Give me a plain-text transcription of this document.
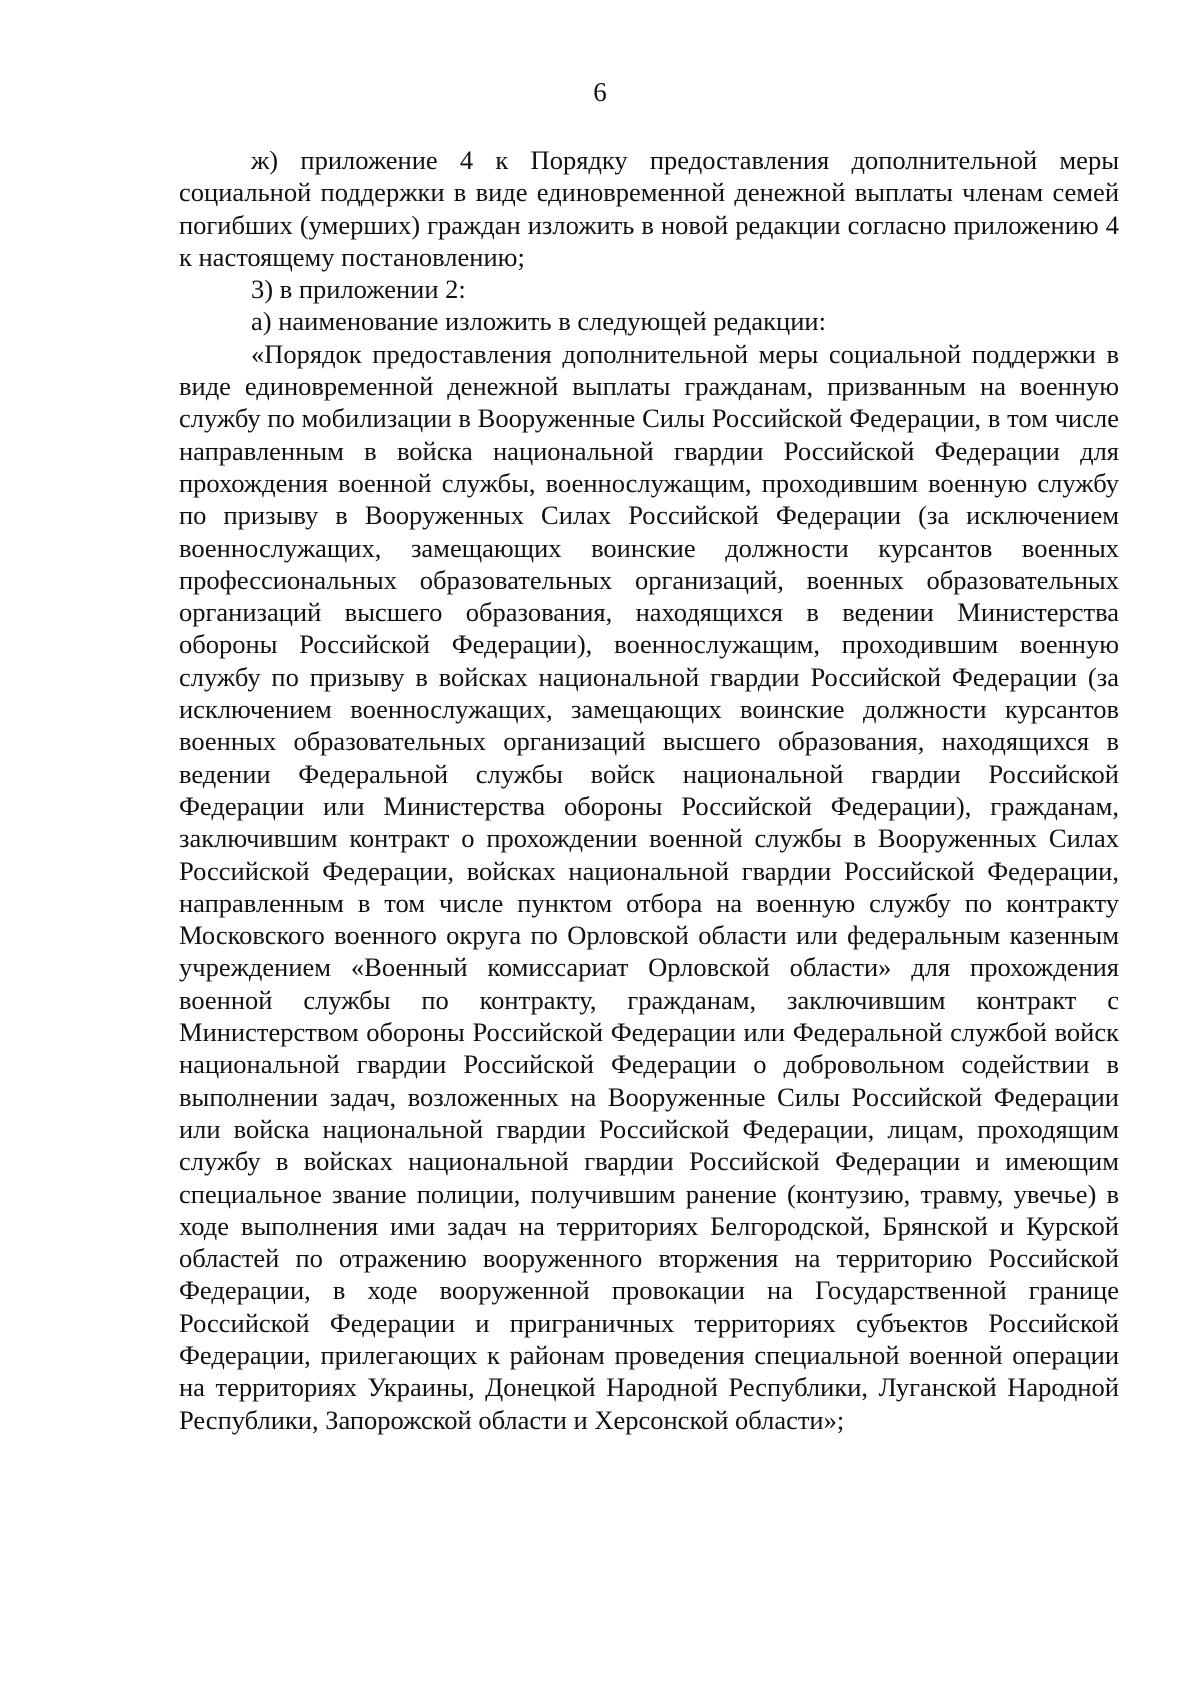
6

ж) приложение 4 к Порядку предоставления дополнительной меры социальной поддержки в виде единовременной денежной выплаты членам семей погибших (умерших) граждан изложить в новой редакции согласно приложению 4 к настоящему постановлению;

3) в приложении 2:

а) наименование изложить в следующей редакции:

«Порядок предоставления дополнительной меры социальной поддержки в виде единовременной денежной выплаты гражданам, призванным на военную службу по мобилизации в Вооруженные Силы Российской Федерации, в том числе направленным в войска национальной гвардии Российской Федерации для прохождения военной службы, военнослужащим, проходившим военную службу по призыву в Вооруженных Силах Российской Федерации (за исключением военнослужащих, замещающих воинские должности курсантов военных профессиональных образовательных организаций, военных образовательных организаций высшего образования, находящихся в ведении Министерства обороны Российской Федерации), военнослужащим, проходившим военную службу по призыву в войсках национальной гвардии Российской Федерации (за исключением военнослужащих, замещающих воинские должности курсантов военных образовательных организаций высшего образования, находящихся в ведении Федеральной службы войск национальной гвардии Российской Федерации или Министерства обороны Российской Федерации), гражданам, заключившим контракт о прохождении военной службы в Вооруженных Силах Российской Федерации, войсках национальной гвардии Российской Федерации, направленным в том числе пунктом отбора на военную службу по контракту Московского военного округа по Орловской области или федеральным казенным учреждением «Военный комиссариат Орловской области» для прохождения военной службы по контракту, гражданам, заключившим контракт с Министерством обороны Российской Федерации или Федеральной службой войск национальной гвардии Российской Федерации о добровольном содействии в выполнении задач, возложенных на Вооруженные Силы Российской Федерации или войска национальной гвардии Российской Федерации, лицам, проходящим службу в войсках национальной гвардии Российской Федерации и имеющим специальное звание полиции, получившим ранение (контузию, травму, увечье) в ходе выполнения ими задач на территориях Белгородской, Брянской и Курской областей по отражению вооруженного вторжения на территорию Российской Федерации, в ходе вооруженной провокации на Государственной границе Российской Федерации и приграничных территориях субъектов Российской Федерации, прилегающих к районам проведения специальной военной операции на территориях Украины, Донецкой Народной Республики, Луганской Народной Республики, Запорожской области и Херсонской области»;
